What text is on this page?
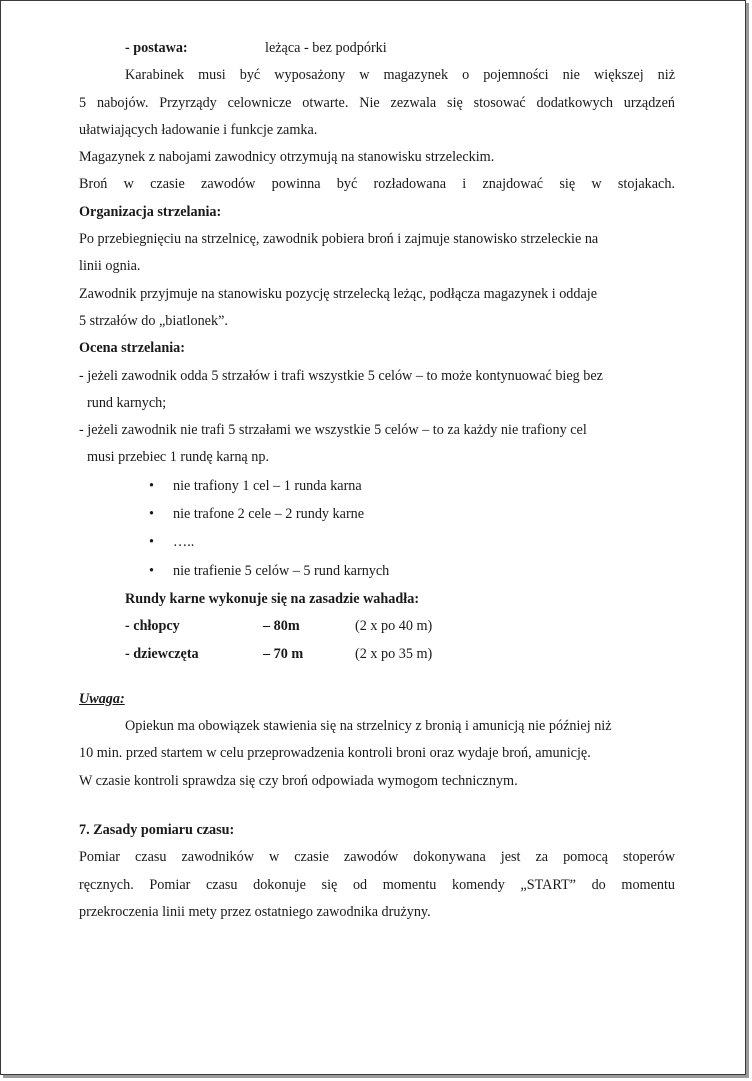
- postawa:	leżąca - bez podpórki
Karabinek musi być wyposażony w magazynek o pojemności nie większej niż
5 nabojów. Przyrządy celownicze otwarte. Nie zezwala się stosować dodatkowych urządzeń
ułatwiających ładowanie i funkcje zamka.
Magazynek z nabojami zawodnicy otrzymują na stanowisku strzeleckim.
Broń w czasie zawodów powinna być rozładowana i znajdować się w stojakach.
Organizacja strzelania:
Po przebiegnięciu na strzelnicę, zawodnik pobiera broń i zajmuje stanowisko strzeleckie na
linii ognia.
Zawodnik przyjmuje na stanowisku pozycję strzelecką leżąc, podłącza magazynek i oddaje
5 strzałów do „biatlonek”.
Ocena strzelania:
- jeżeli zawodnik odda 5 strzałów i trafi wszystkie 5 celów – to może kontynuować bieg bez
rund karnych;
- jeżeli zawodnik nie trafi 5 strzałami we wszystkie 5 celów – to za każdy nie trafiony cel
musi przebiec 1 rundę karną np.
•	nie trafiony 1 cel – 1 runda karna
•	nie trafone 2 cele – 2 rundy karne
•	…..
•	nie trafienie 5 celów – 5 rund karnych
Rundy karne wykonuje się na zasadzie wahadła:
- chłopcy	– 80m	(2 x po 40 m)
- dziewczęta	– 70 m	(2 x po 35 m)
Uwaga:
Opiekun ma obowiązek stawienia się na strzelnicy z bronią i amunicją nie później niż
10 min. przed startem w celu przeprowadzenia kontroli broni oraz wydaje broń, amunicję.
W czasie kontroli sprawdza się czy broń odpowiada wymogom technicznym.
7. Zasady pomiaru czasu:
Pomiar czasu zawodników w czasie zawodów dokonywana jest za pomocą stoperów
ręcznych. Pomiar czasu dokonuje się od momentu komendy „START” do momentu
przekroczenia linii mety przez ostatniego zawodnika drużyny.
